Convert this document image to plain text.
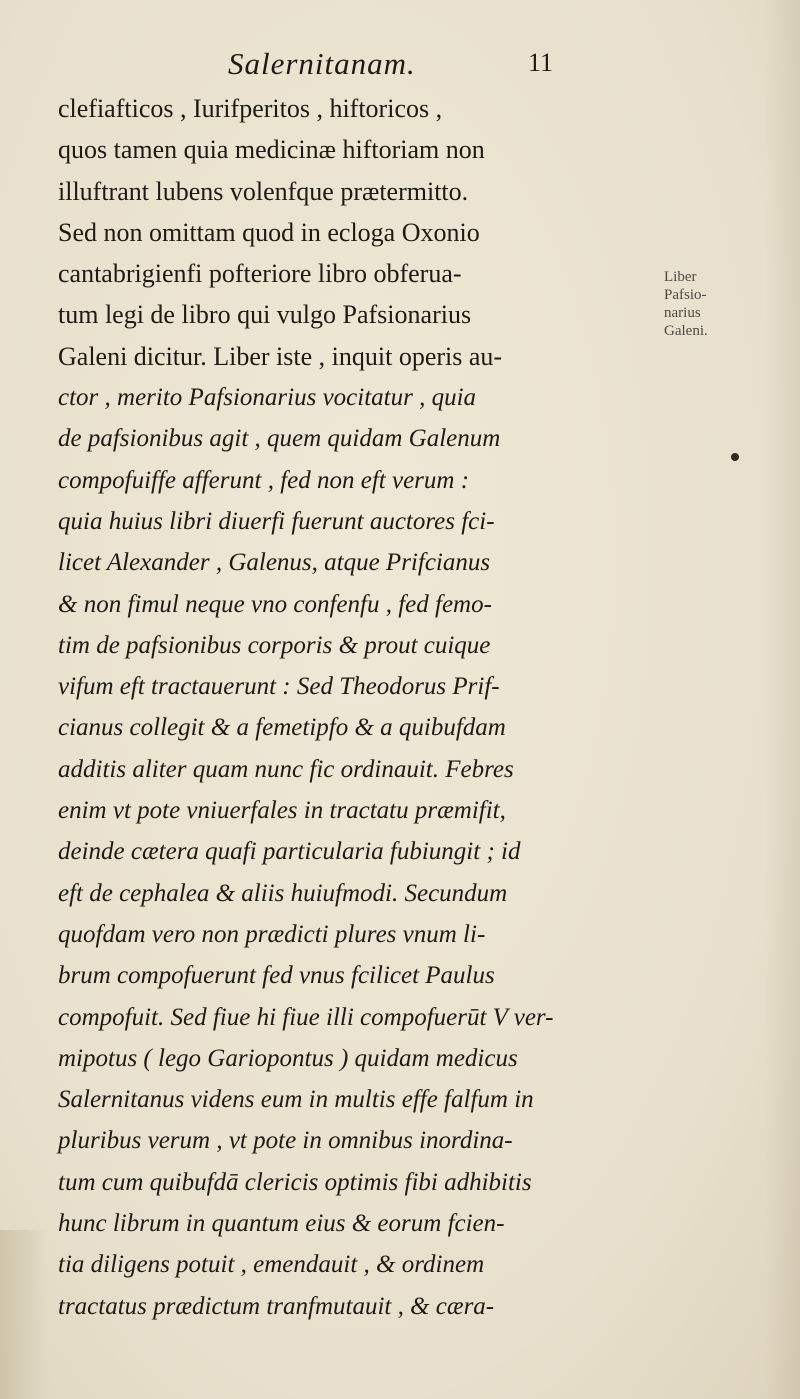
Salernitanam.	11
clefiafticos , Iurifperitos , hiftoricos ,
quos tamen quia medicinæ hiftoriam non
illuftrant lubens volenfque prætermitto.
Sed non omittam quod in ecloga Oxonio
cantabrigienfi pofteriore libro obferua-
tum legi de libro qui vulgo Pafsionarius
Galeni dicitur. Liber iste , inquit operis au-
ctor , merito Pafsionarius vocitatur , quia
de pafsionibus agit , quem quidam Galenum
compofuiffe afferunt , fed non eft verum :
quia huius libri diuerfi fuerunt auctores fci-
licet Alexander , Galenus, atque Prifcianus
& non fimul neque vno confenfu , fed femo-
tim de pafsionibus corporis & prout cuique
vifum eft tractauerunt : Sed Theodorus Prif-
cianus collegit & a femetipfo & a quibufdam
additis aliter quam nunc fic ordinauit. Febres
enim vt pote vniuerfales in tractatu præmifit,
deinde cætera quafi particularia fubiungit ; id
eft de cephalea & aliis huiufmodi. Secundum
quofdam vero non prædicti plures vnum li-
brum compofuerunt fed vnus fcilicet Paulus
compofuit. Sed fiue hi fiue illi compofuerūt V ver-
mipotus ( lego Gariopontus ) quidam medicus
Salernitanus videns eum in multis effe falfum in
pluribus verum , vt pote in omnibus inordina-
tum cum quibufdā clericis optimis fibi adhibitis
hunc librum in quantum eius & eorum fcien-
tia diligens potuit , emendauit , & ordinem
tractatus prædictum tranfmutauit , & cæra-
Liber
Pafsio-
narius
Galeni.
